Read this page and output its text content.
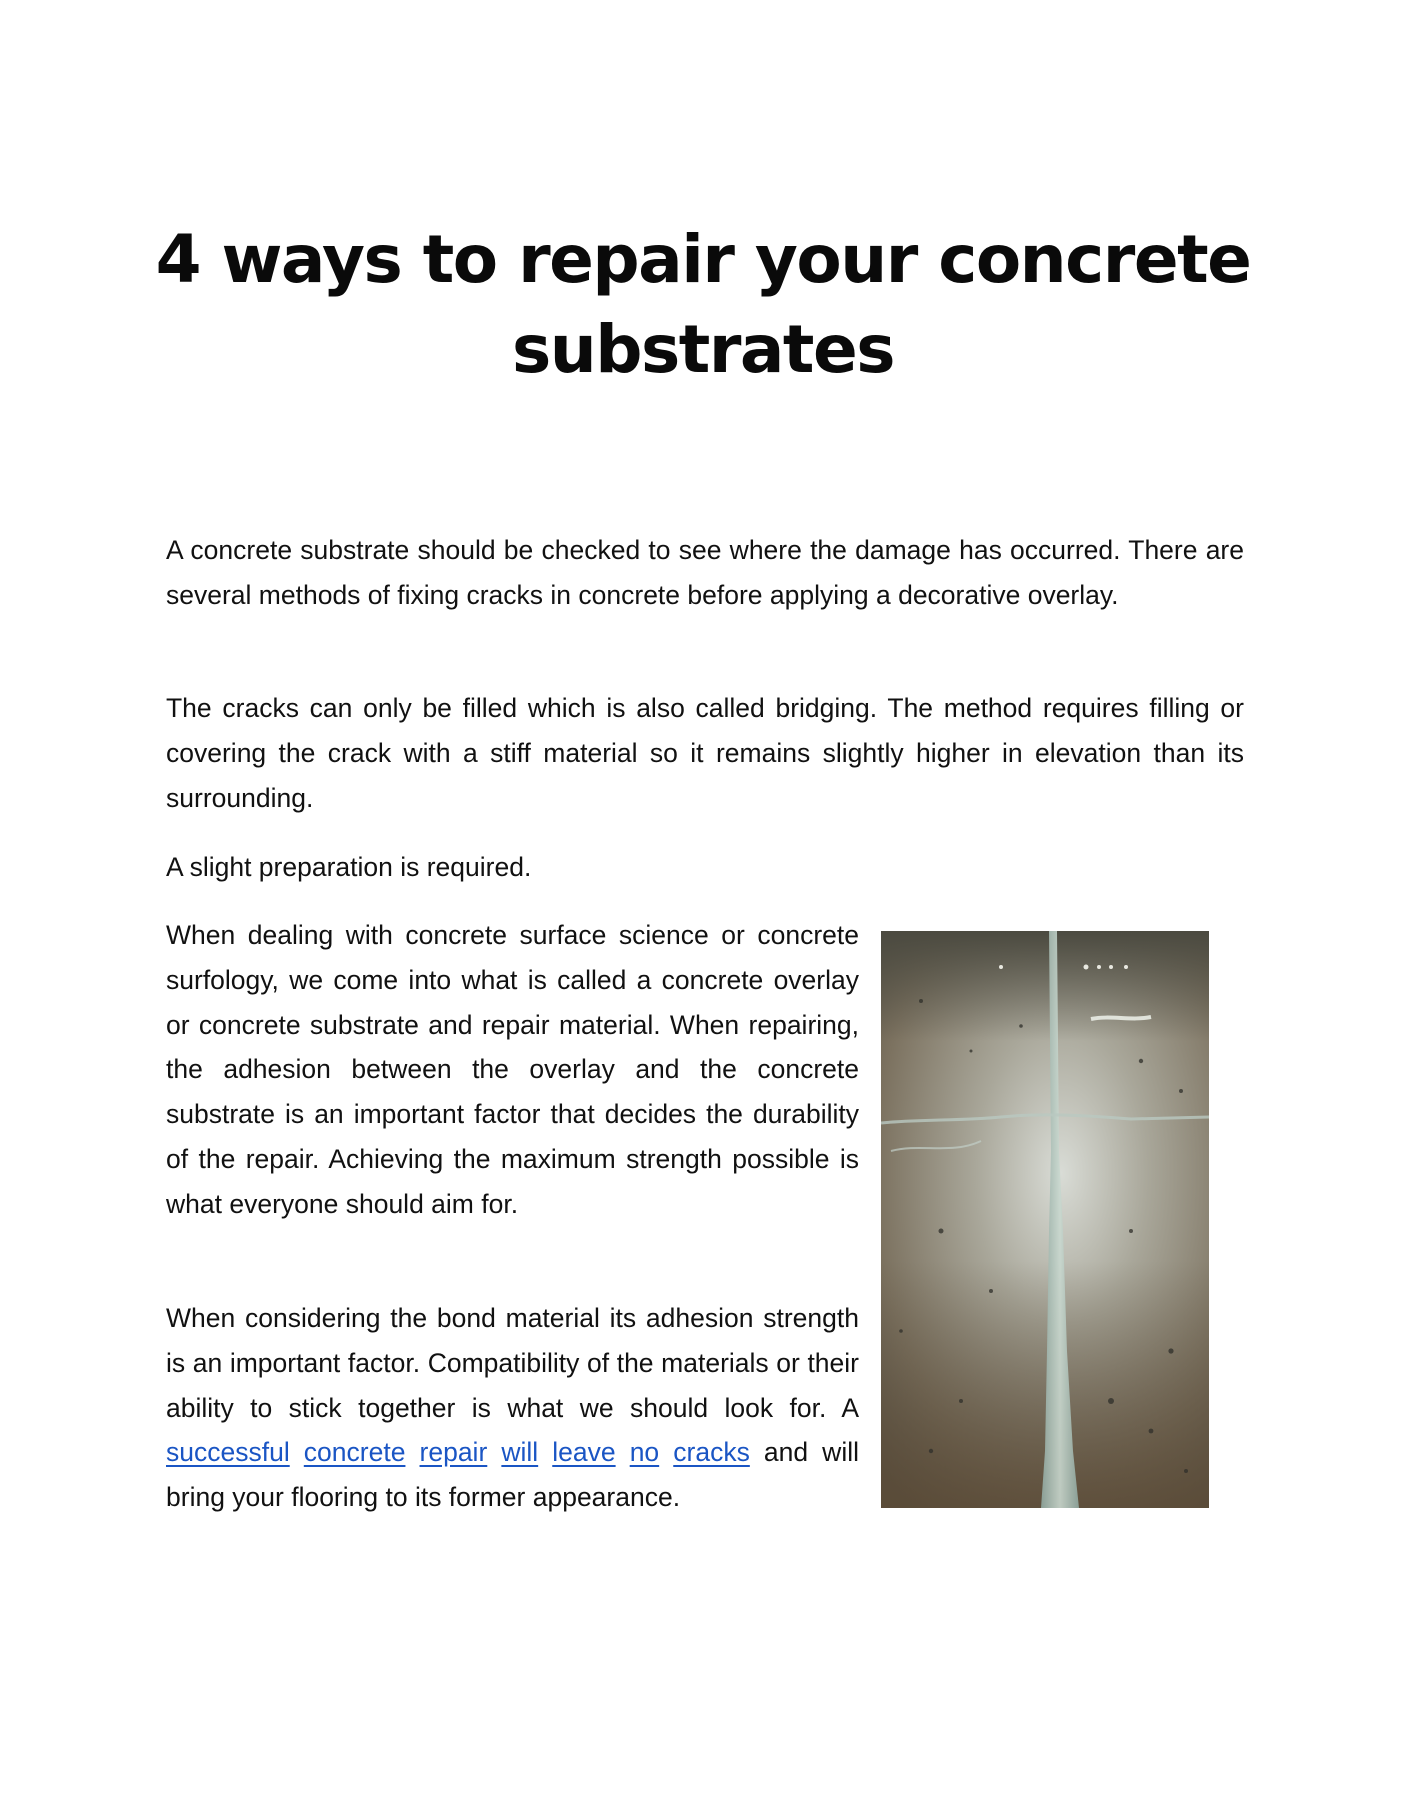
4 ways to repair your concrete
substrates

A concrete substrate should be checked to see where the damage has occurred. There are several methods of fixing cracks in concrete before applying a decorative overlay.

The cracks can only be filled which is also called bridging. The method requires filling or covering the crack with a stiff material so it remains slightly higher in elevation than its surrounding.

A slight preparation is required.

When dealing with concrete surface science or concrete surfology, we come into what is called a concrete overlay or concrete substrate and repair material. When repairing, the adhesion between the overlay and the concrete substrate is an important factor that decides the durability of the repair. Achieving the maximum strength possible is what everyone should aim for.

When considering the bond material its adhesion strength is an important factor. Compatibility of the materials or their ability to stick together is what we should look for. A successful concrete repair will leave no cracks and will bring your flooring to its former appearance.
